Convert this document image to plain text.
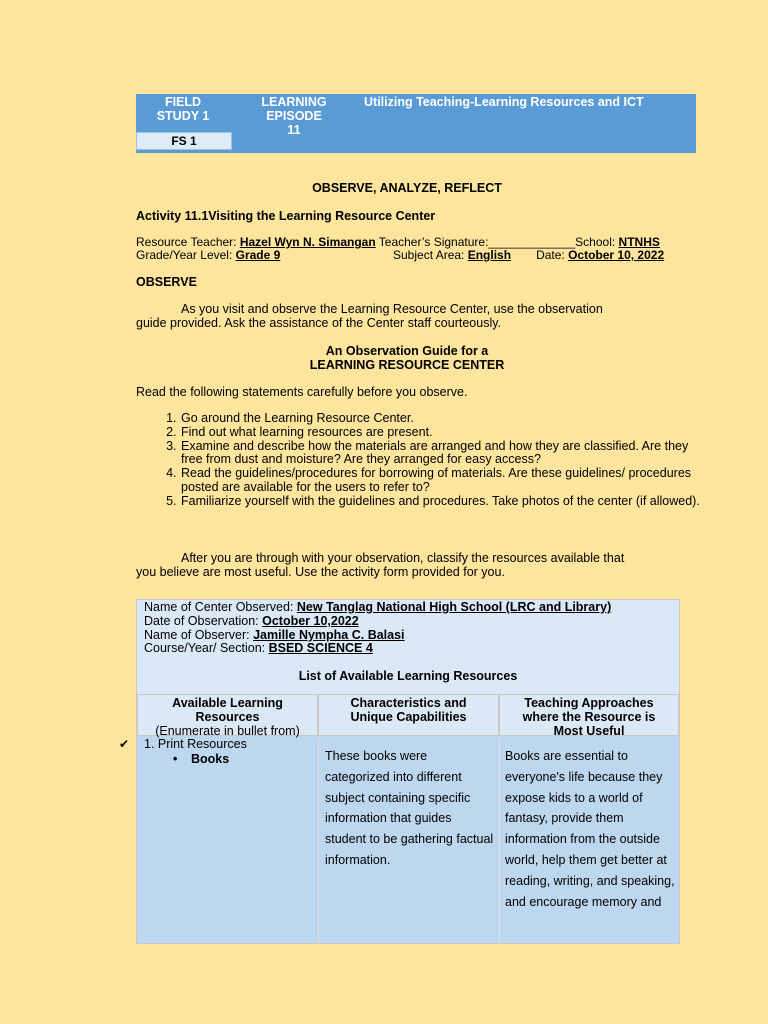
FIELD
STUDY 1
LEARNING
EPISODE
11
Utilizing Teaching-Learning Resources and ICT
FS 1
OBSERVE, ANALYZE, REFLECT
Activity 11.1Visiting the Learning Resource Center
Resource Teacher: Hazel Wyn N. Simangan Teacher’s Signature:_____________School: NTNHS
Grade/Year Level: Grade 9	Subject Area: English Date: October 10, 2022
OBSERVE
As you visit and observe the Learning Resource Center, use the observation
guide provided. Ask the assistance of the Center staff courteously.
An Observation Guide for a
LEARNING RESOURCE CENTER
Read the following statements carefully before you observe.
1. Go around the Learning Resource Center.
2. Find out what learning resources are present.
3. Examine and describe how the materials are arranged and how they are classified. Are they free from dust and moisture? Are they arranged for easy access?
4. Read the guidelines/procedures for borrowing of materials. Are these guidelines/ procedures posted are available for the users to refer to?
5. Familiarize yourself with the guidelines and procedures. Take photos of the center (if allowed).
After you are through with your observation, classify the resources available that
you believe are most useful. Use the activity form provided for you.
Name of Center Observed: New Tanglag National High School (LRC and Library)
Date of Observation: October 10,2022
Name of Observer: Jamille Nympha C. Balasi
Course/Year/ Section: BSED SCIENCE 4
List of Available Learning Resources
Available Learning
Resources
(Enumerate in bullet from)
Characteristics and
Unique Capabilities
Teaching Approaches
where the Resource is
Most Useful
1. Print Resources
• Books	These books were categorized into different subject containing specific information that guides student to be gathering factual information.
Books are essential to everyone's life because they expose kids to a world of fantasy, provide them information from the outside world, help them get better at reading, writing, and speaking, and encourage memory and
✔
